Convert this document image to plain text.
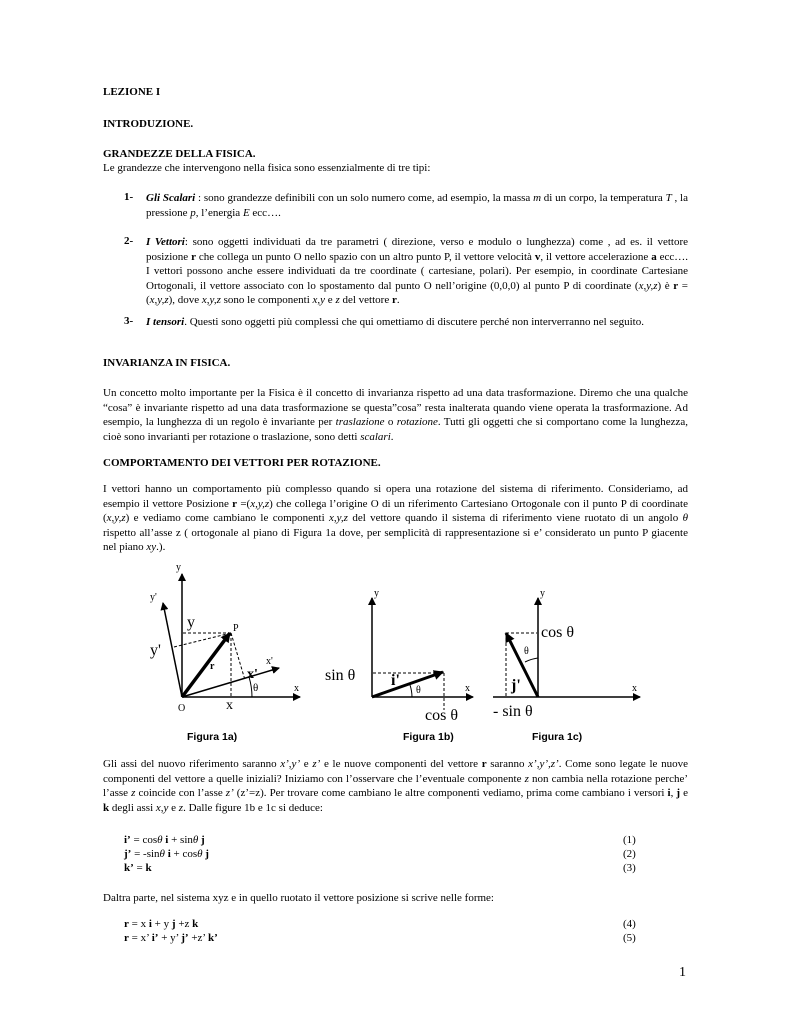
LEZIONE I
INTRODUZIONE.
GRANDEZZE DELLA FISICA.
Le grandezze che intervengono nella fisica sono essenzialmente di tre tipi:
1- Gli Scalari : sono grandezze definibili con un solo numero come, ad esempio, la massa m di un corpo, la temperatura T , la pressione p, l’energia E ecc….
2- I Vettori: sono oggetti individuati da tre parametri ( direzione, verso e modulo o lunghezza) come , ad es. il vettore posizione r che collega un punto O nello spazio con un altro punto P, il vettore velocità v, il vettore accelerazione a ecc…. I vettori possono anche essere individuati da tre coordinate ( cartesiane, polari). Per esempio, in coordinate Cartesiane Ortogonali, il vettore associato con lo spostamento dal punto O nell’origine (0,0,0) al punto P di coordinate (x,y,z) è r =(x,y,z), dove x,y,z sono le componenti x,y e z del vettore r.
3- I tensori. Questi sono oggetti più complessi che qui omettiamo di discutere perché non interverranno nel seguito.
INVARIANZA IN FISICA.
Un concetto molto importante per la Fisica è il concetto di invarianza rispetto ad una data trasformazione. Diremo che una qualche “cosa” è invariante rispetto ad una data trasformazione se questa”cosa” resta inalterata quando viene operata la trasformazione. Ad esempio, la lunghezza di un regolo è invariante per traslazione o rotazione. Tutti gli oggetti che si comportano come la lunghezza, cioè sono invarianti per rotazione o traslazione, sono detti scalari.
COMPORTAMENTO DEI VETTORI PER ROTAZIONE.
I vettori hanno un comportamento più complesso quando si opera una rotazione del sistema di riferimento. Consideriamo, ad esempio il vettore Posizione r =(x,y,z) che collega l’origine O di un riferimento Cartesiano Ortogonale con il punto P di coordinate (x,y,z) e vediamo come cambiano le componenti x,y,z del vettore quando il sistema di riferimento viene ruotato di un angolo θ rispetto all’asse z ( ortogonale al piano di Figura 1a dove, per semplicità di rappresentazione si e’ considerato un punto P giacente nel piano xy.).
y
y'
y
y'
P
r	x'
x'
θ	x
O	x
y
sin θ i'
θ	x
cos θ
y
cos θ
θ
j'	x
- sin θ
Figura 1a)	Figura 1b)	Figura 1c)
Gli assi del nuovo riferimento saranno x’,y’ e z’ e le nuove componenti del vettore r saranno x’,y’,z’. Come sono legate le nuove componenti del vettore a quelle iniziali? Iniziamo con l’osservare che l’eventuale componente z non cambia nella rotazione perche’ l’asse z coincide con l’asse z’ (z’=z). Per trovare come cambiano le altre componenti vediamo, prima come cambiano i versori i, j e k degli assi x,y e z. Dalle figure 1b e 1c si deduce:
i’ = cosθ i + sinθ j	(1)
j’ = -sinθ i + cosθ j	(2)
k’ = k	(3)
Daltra parte, nel sistema xyz e in quello ruotato il vettore posizione si scrive nelle forme:
r = x i + y j +z k	(4)
r = x’ i’ + y’ j’ +z’ k’	(5)
1
